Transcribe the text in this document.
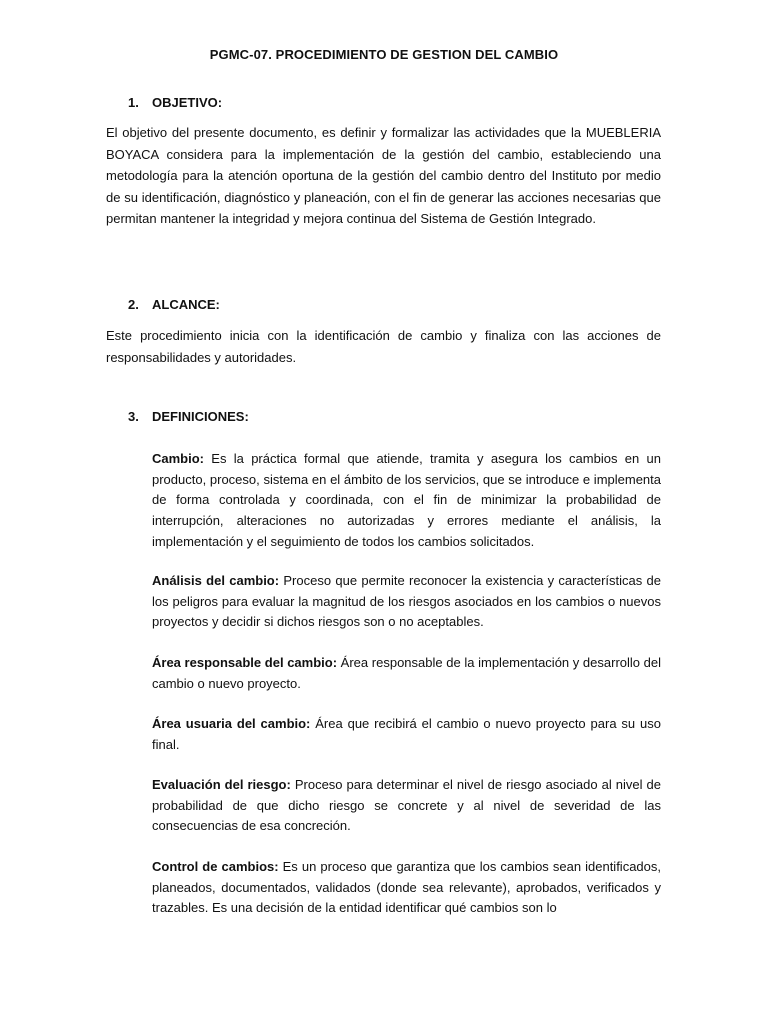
PGMC-07. PROCEDIMIENTO DE GESTION DEL CAMBIO
1. OBJETIVO:
El objetivo del presente documento, es definir y formalizar las actividades que la MUEBLERIA BOYACA considera para la implementación de la gestión del cambio, estableciendo una metodología para la atención oportuna de la gestión del cambio dentro del Instituto por medio de su identificación, diagnóstico y planeación, con el fin de generar las acciones necesarias que permitan mantener la integridad y mejora continua del Sistema de Gestión Integrado.
2. ALCANCE:
Este procedimiento inicia con la identificación de cambio y finaliza con las acciones de responsabilidades y autoridades.
3. DEFINICIONES:
Cambio: Es la práctica formal que atiende, tramita y asegura los cambios en un producto, proceso, sistema en el ámbito de los servicios, que se introduce e implementa de forma controlada y coordinada, con el fin de minimizar la probabilidad de interrupción, alteraciones no autorizadas y errores mediante el análisis, la implementación y el seguimiento de todos los cambios solicitados.
Análisis del cambio: Proceso que permite reconocer la existencia y características de los peligros para evaluar la magnitud de los riesgos asociados en los cambios o nuevos proyectos y decidir si dichos riesgos son o no aceptables.
Área responsable del cambio: Área responsable de la implementación y desarrollo del cambio o nuevo proyecto.
Área usuaria del cambio: Área que recibirá el cambio o nuevo proyecto para su uso final.
Evaluación del riesgo: Proceso para determinar el nivel de riesgo asociado al nivel de probabilidad de que dicho riesgo se concrete y al nivel de severidad de las consecuencias de esa concreción.
Control de cambios: Es un proceso que garantiza que los cambios sean identificados, planeados, documentados, validados (donde sea relevante), aprobados, verificados y trazables. Es una decisión de la entidad identificar qué cambios son lo
